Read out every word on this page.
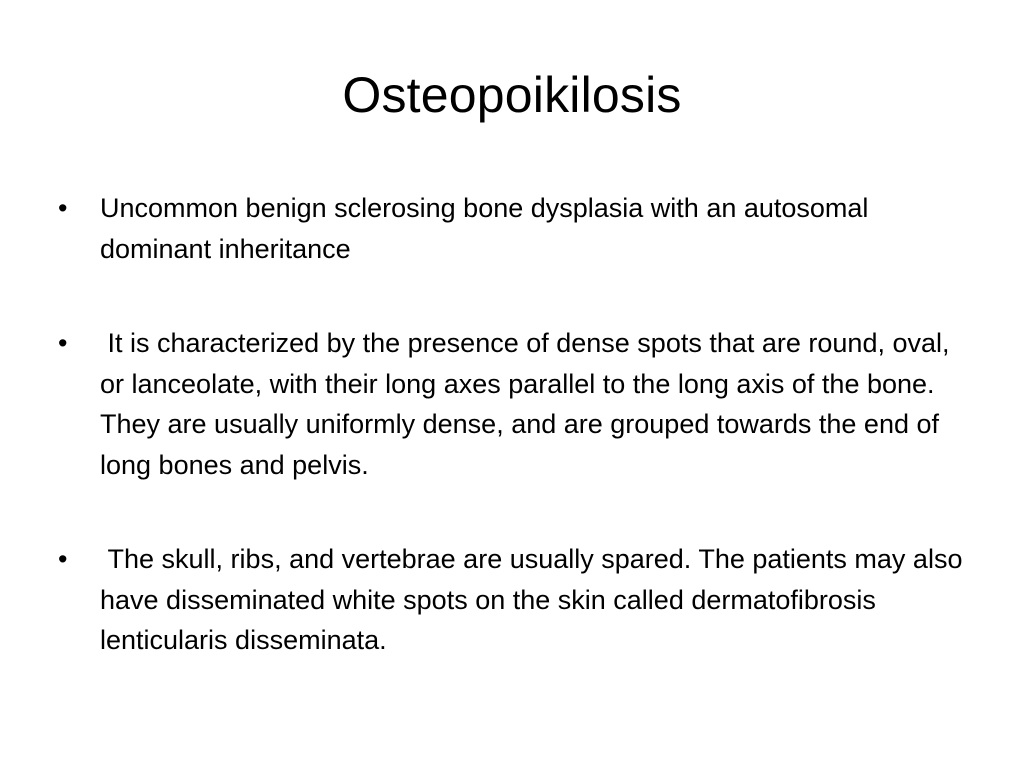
Osteopoikilosis
•	Uncommon benign sclerosing bone dysplasia with an autosomal dominant inheritance
•	It is characterized by the presence of dense spots that are round, oval, or lanceolate, with their long axes parallel to the long axis of the bone. They are usually uniformly dense, and are grouped towards the end of long bones and pelvis.
•	The skull, ribs, and vertebrae are usually spared. The patients may also have disseminated white spots on the skin called dermatofibrosis lenticularis disseminata.
